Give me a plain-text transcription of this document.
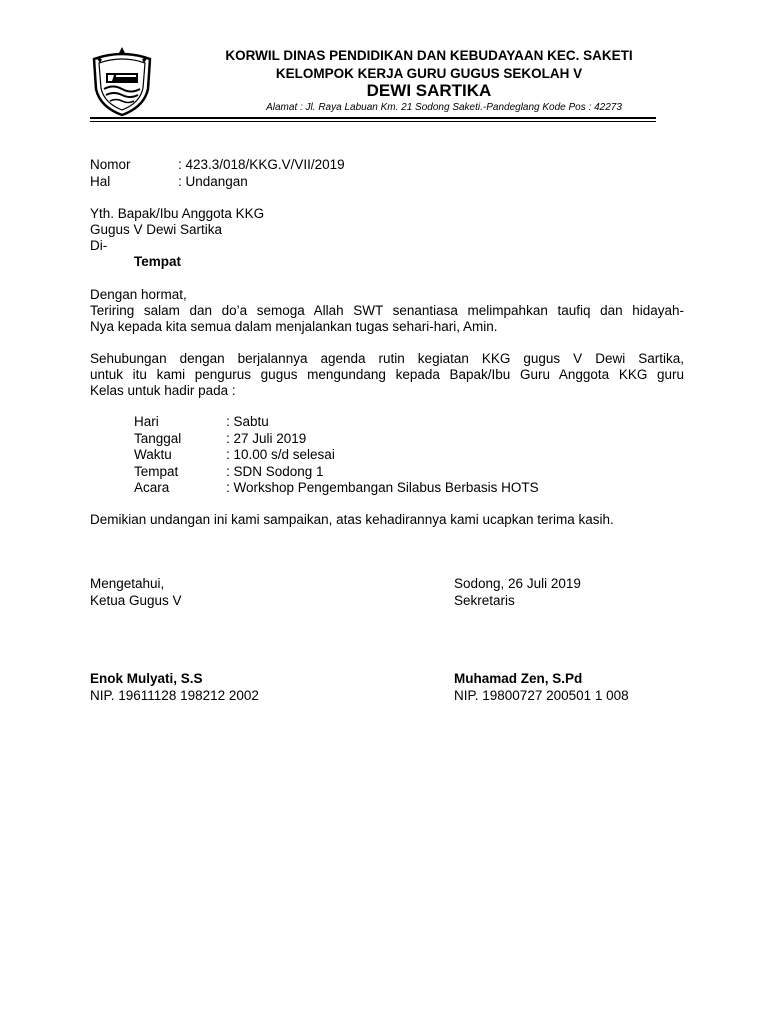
KORWIL DINAS PENDIDIKAN DAN KEBUDAYAAN KEC. SAKETI
KELOMPOK KERJA GURU GUGUS SEKOLAH V
DEWI SARTIKA
Alamat : Jl. Raya Labuan Km. 21 Sodong Saketi.-Pandeglang Kode Pos : 42273
Nomor	: 423.3/018/KKG.V/VII/2019
Hal	: Undangan
Yth. Bapak/Ibu Anggota KKG
Gugus V Dewi Sartika
Di-
Tempat
Dengan hormat,
Teriring salam dan do’a semoga Allah SWT senantiasa melimpahkan taufiq dan hidayah-
Nya kepada kita semua dalam menjalankan tugas sehari-hari, Amin.
Sehubungan dengan berjalannya agenda rutin kegiatan KKG gugus V Dewi Sartika,
untuk itu kami pengurus gugus mengundang kepada Bapak/Ibu Guru Anggota KKG guru
Kelas untuk hadir pada :
Hari	: Sabtu
Tanggal	: 27 Juli 2019
Waktu	: 10.00 s/d selesai
Tempat	: SDN Sodong 1
Acara	: Workshop Pengembangan Silabus Berbasis HOTS
Demikian undangan ini kami sampaikan, atas kehadirannya kami ucapkan terima kasih.
Mengetahui,
Ketua Gugus V
Sodong, 26 Juli 2019
Sekretaris
Enok Mulyati, S.S
NIP. 19611128 198212 2002
Muhamad Zen, S.Pd
NIP. 19800727 200501 1 008
